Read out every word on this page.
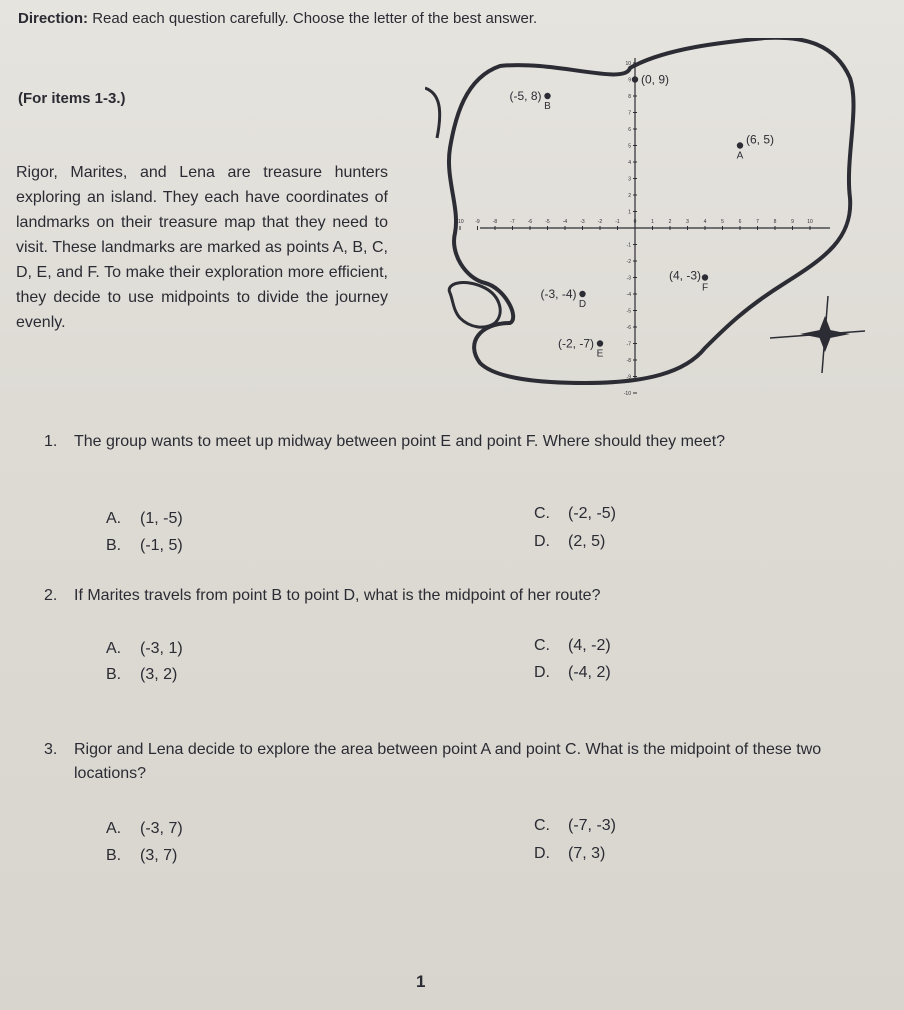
Direction: Read each question carefully. Choose the letter of the best answer.
(For items 1-3.)
Rigor, Marites, and Lena are treasure hunters exploring an island. They each have coordinates of landmarks on their treasure map that they need to visit. These landmarks are marked as points A, B, C, D, E, and F. To make their exploration more efficient, they decide to use midpoints to divide the journey evenly.
-10 -9	-8	-7	-6	-5	-4	-3	-2	-1	0	1	2	3	4	5	6	7	8	9	10
10
9
8
7
6
5
4
3
2
1
-1
-2
-3
-4
-5
-6
-7
-8
-9
-10
(6, 5)
A
(-5, 8)
B
(0, 9)
(-3, -4)
D
(-2, -7)
E
(4, -3)
F
1. The group wants to meet up midway between point E and point F. Where should they meet?
A. (1, -5)
B. (-1, 5)
C. (-2, -5)
D. (2, 5)
2. If Marites travels from point B to point D, what is the midpoint of her route?
A. (-3, 1)
B. (3, 2)
C. (4, -2)
D. (-4, 2)
3. Rigor and Lena decide to explore the area between point A and point C. What is the midpoint of these two locations?
A. (-3, 7)
B. (3, 7)
C. (-7, -3)
D. (7, 3)
1
